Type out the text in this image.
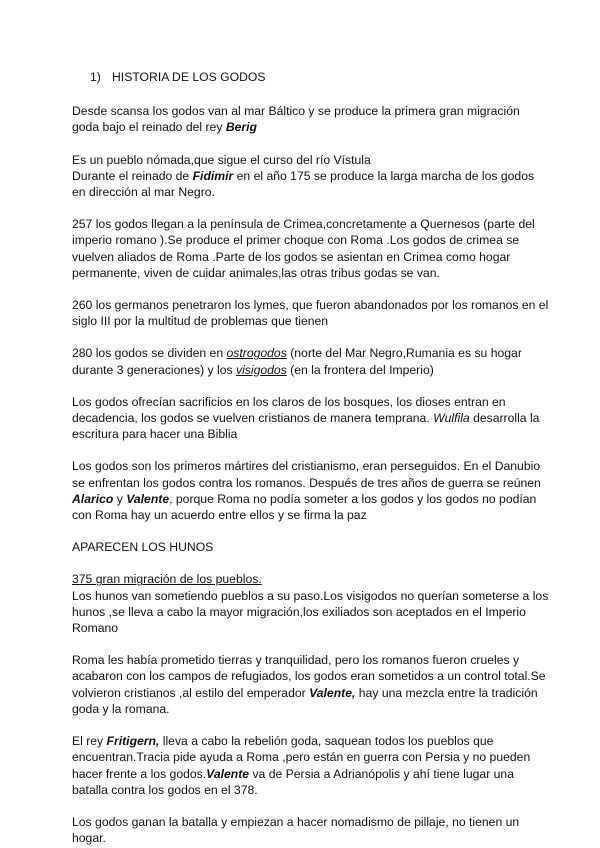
1) HISTORIA DE LOS GODOS

Desde scansa los godos van al mar Báltico y se produce la primera gran migración goda bajo el reinado del rey Berig

Es un pueblo nómada,que sigue el curso del río Vístula

Durante el reinado de Fidimir en el año 175 se produce la larga marcha de los godos en dirección al mar Negro.

257 los godos llegan a la península de Crimea,concretamente a Quernesos (parte del imperio romano ).Se produce el primer choque con Roma .Los godos de crimea se vuelven aliados de Roma .Parte de los godos se asientan en Crimea como hogar permanente, viven de cuidar animales,las otras tribus godas se van.

260 los germanos penetraron los lymes, que fueron abandonados por los romanos en el siglo III por la multitud de problemas que tienen

280 los godos se dividen en ostrogodos (norte del Mar Negro,Rumania es su hogar durante 3 generaciones) y los visigodos (en la frontera del Imperio)

Los godos ofrecían sacrificios en los claros de los bosques, los dioses entran en decadencia, los godos se vuelven cristianos de manera temprana. Wulfila desarrolla la escritura para hacer una Biblia

Los godos son los primeros mártires del cristianismo, eran perseguidos. En el Danubio se enfrentan los godos contra los romanos. Después de tres años de guerra se reúnen Alarico y Valente, porque Roma no podía someter a los godos y los godos no podían con Roma hay un acuerdo entre ellos y se firma la paz

APARECEN LOS HUNOS

375 gran migración de los pueblos.
Los hunos van sometiendo pueblos a su paso.Los visigodos no querían someterse a los hunos ,se lleva a cabo la mayor migración,los exiliados son aceptados en el Imperio Romano

Roma les había prometido tierras y tranquilidad, pero los romanos fueron crueles y acabaron con los campos de refugiados, los godos eran sometidos a un control total.Se volvieron cristianos ,al estilo del emperador Valente, hay una mezcla entre la tradición goda y la romana.

El rey Fritigern, lleva a cabo la rebelión goda, saquean todos los pueblos que encuentran.Tracia pide ayuda a Roma ,pero están en guerra con Persia y no pueden hacer frente a los godos.Valente va de Persia a Adrianópolis y ahí tiene lugar una batalla contra los godos en el 378.

Los godos ganan la batalla y empiezan a hacer nomadismo de pillaje, no tienen un hogar.
